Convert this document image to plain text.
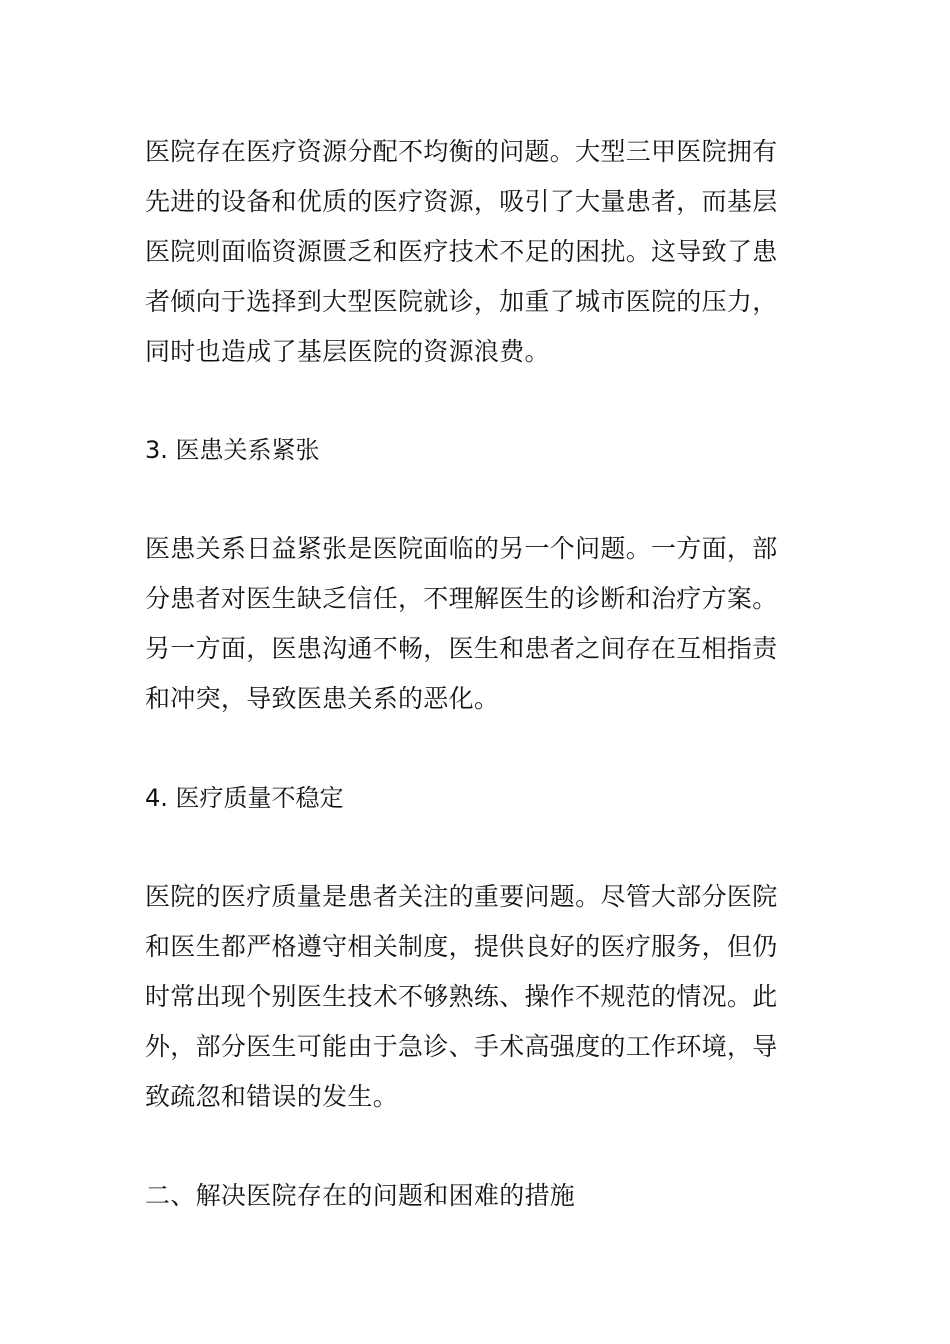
医院存在医疗资源分配不均衡的问题。大型三甲医院拥有
先进的设备和优质的医疗资源，吸引了大量患者，而基层
医院则面临资源匮乏和医疗技术不足的困扰。这导致了患
者倾向于选择到大型医院就诊，加重了城市医院的压力，
同时也造成了基层医院的资源浪费。
3. 医患关系紧张
医患关系日益紧张是医院面临的另一个问题。一方面，部
分患者对医生缺乏信任，不理解医生的诊断和治疗方案。
另一方面，医患沟通不畅，医生和患者之间存在互相指责
和冲突，导致医患关系的恶化。
4. 医疗质量不稳定
医院的医疗质量是患者关注的重要问题。尽管大部分医院
和医生都严格遵守相关制度，提供良好的医疗服务，但仍
时常出现个别医生技术不够熟练、操作不规范的情况。此
外，部分医生可能由于急诊、手术高强度的工作环境，导
致疏忽和错误的发生。
二、解决医院存在的问题和困难的措施
